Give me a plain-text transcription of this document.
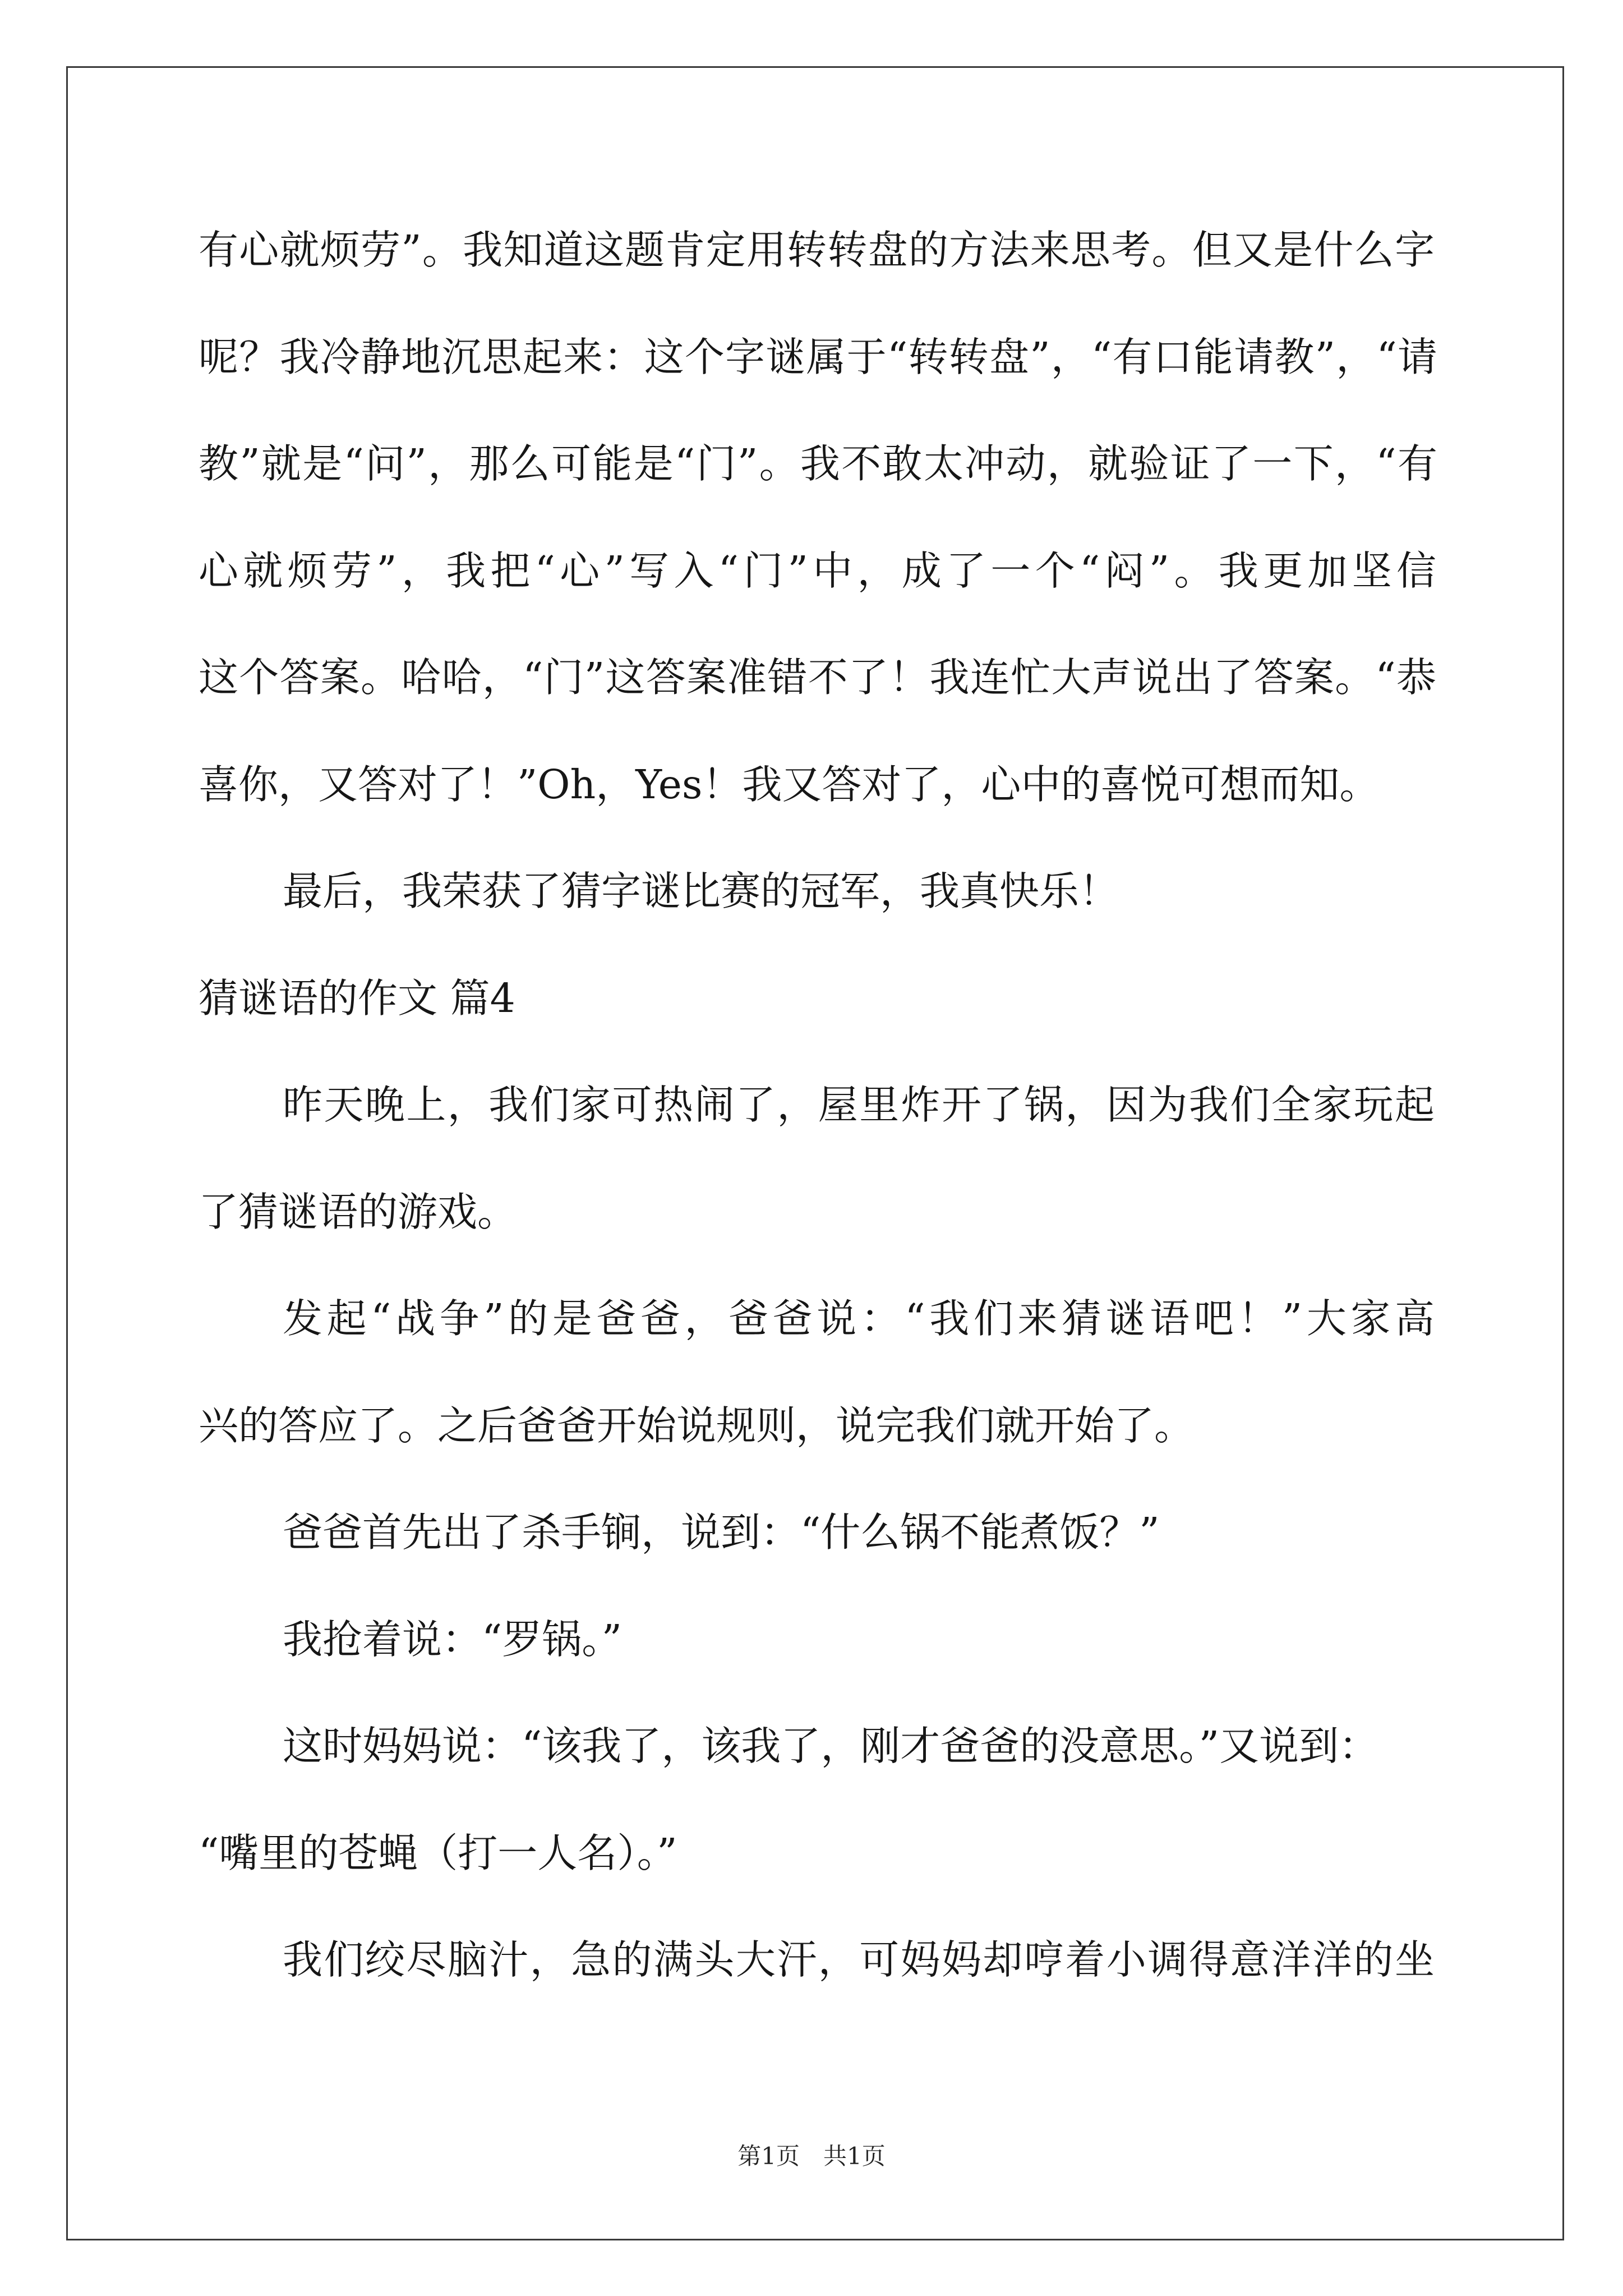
有心就烦劳”。我知道这题肯定用转转盘的方法来思考。但又是什么字
呢？我冷静地沉思起来：这个字谜属于“转转盘”，“有口能请教”，“请
教”就是“问”，那么可能是“门”。我不敢太冲动，就验证了一下，“有
心就烦劳”，我把“心”写入“门”中，成了一个“闷”。我更加坚信
这个答案。哈哈，“门”这答案准错不了！我连忙大声说出了答案。“恭
喜你，又答对了！”Oh，Yes！我又答对了，心中的喜悦可想而知。
最后，我荣获了猜字谜比赛的冠军，我真快乐！
猜谜语的作文 篇4
昨天晚上，我们家可热闹了，屋里炸开了锅，因为我们全家玩起
了猜谜语的游戏。
发起“战争”的是爸爸，爸爸说：“我们来猜谜语吧！”大家高
兴的答应了。之后爸爸开始说规则，说完我们就开始了。
爸爸首先出了杀手锏，说到：“什么锅不能煮饭？”
我抢着说：“罗锅。”
这时妈妈说：“该我了，该我了，刚才爸爸的没意思。”又说到：
“嘴里的苍蝇（打一人名）。”
我们绞尽脑汁，急的满头大汗，可妈妈却哼着小调得意洋洋的坐
第1页　共1页
